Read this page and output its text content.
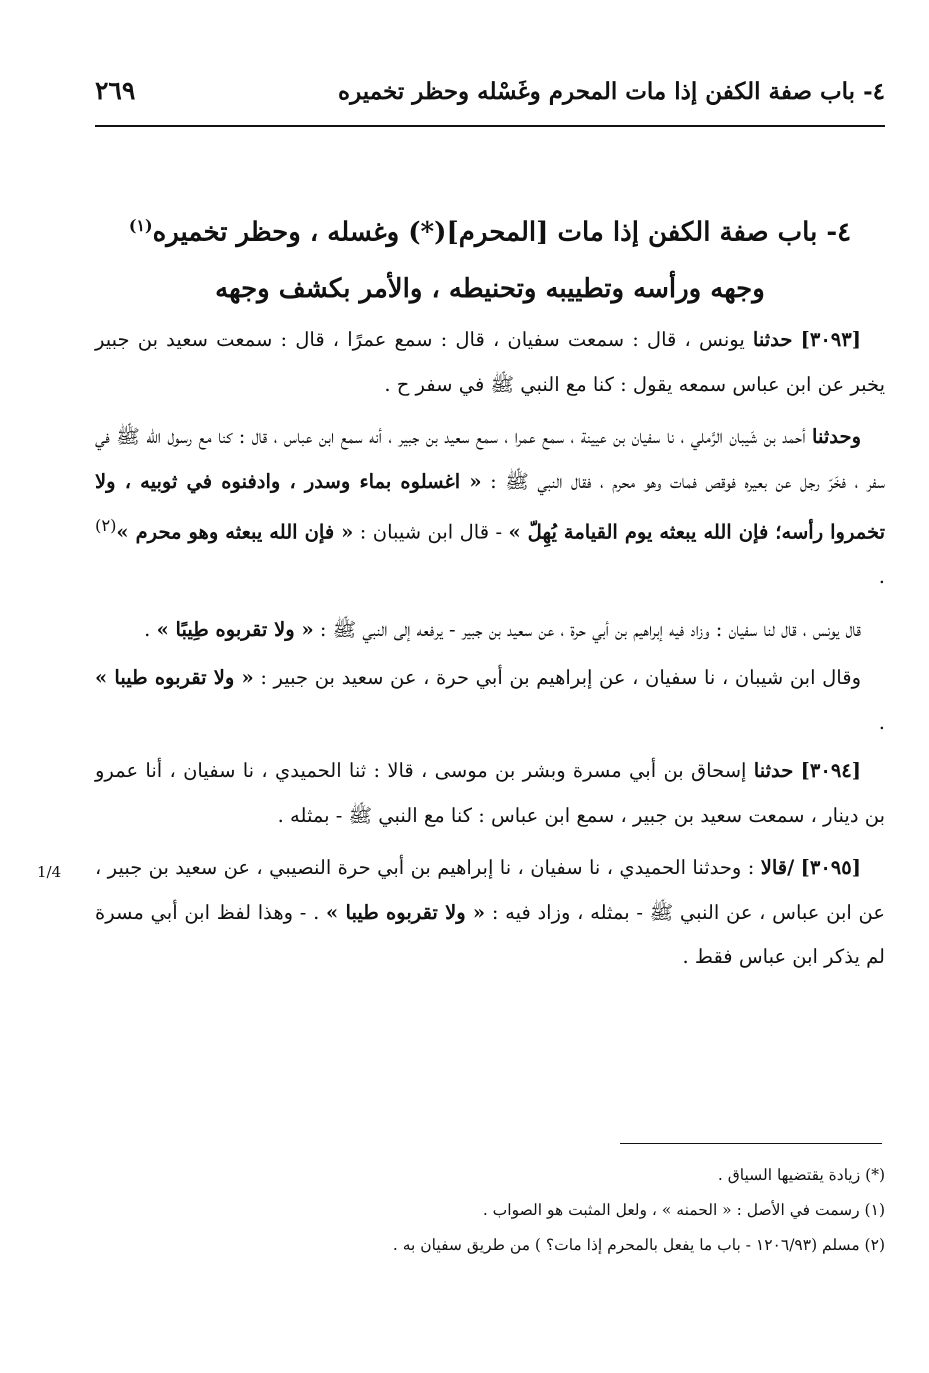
٤- باب صفة الكفن إذا مات المحرم وغَسْله وحظر تخميره
٢٦٩
٤- باب صفة الكفن إذا مات [المحرم](*) وغسله ، وحظر تخميره$^{(١)}$
وجهه ورأسه وتطييبه وتحنيطه ، والأمر بكشف وجهه

[٣٠٩٣] حدثنا يونس ، قال : سمعت سفيان ، قال : سمع عمرًا ، قال : سمعت سعيد بن جبير يخبر عن ابن عباس سمعه يقول : كنا مع النبي ﷺ في سفر ح .

وحدثنا أحمد بن شَيبان الرَّملي ، نا سفيان بن عيينة ، سمع عمرا ، سمع سعيد بن جبير ، أنه سمع ابن عباس ، قال : كنا مع رسول الله ﷺ في سفر ، فخَرّ رجل عن بعيره فوقص فمات وهو محرم ، فقال النبي ﷺ : « اغسلوه بماء وسدر ، وادفنوه في ثوبيه ، ولا تخمروا رأسه؛ فإن الله يبعثه يوم القيامة يُهِلّ » - قال ابن شيبان : « فإن الله يبعثه وهو محرم »$^{(٢)}$ .

قال يونس ، قال لنا سفيان : وزاد فيه إبراهيم بن أبي حرة ، عن سعيد بن جبير - يرفعه إلى النبي ﷺ : « ولا تقربوه طِيبًا » .

وقال ابن شيبان ، نا سفيان ، عن إبراهيم بن أبي حرة ، عن سعيد بن جبير : « ولا تقربوه طيبا » .

[٣٠٩٤] حدثنا إسحاق بن أبي مسرة وبشر بن موسى ، قالا : ثنا الحميدي ، نا سفيان ، أنا عمرو بن دينار ، سمعت سعيد بن جبير ، سمع ابن عباس : كنا مع النبي ﷺ - بمثله .

1/4	[٣٠٩٥] /قالا : وحدثنا الحميدي ، نا سفيان ، نا إبراهيم بن أبي حرة النصيبي ، عن سعيد بن جبير ، عن ابن عباس ، عن النبي ﷺ - بمثله ، وزاد فيه : « ولا تقربوه طيبا » . - وهذا لفظ ابن أبي مسرة لم يذكر ابن عباس فقط .

(*) زيادة يقتضيها السياق .
(١) رسمت في الأصل : « الحمنه » ، ولعل المثبت هو الصواب .
(٢) مسلم (١٢٠٦/٩٣ - باب ما يفعل بالمحرم إذا مات؟ ) من طريق سفيان به .
